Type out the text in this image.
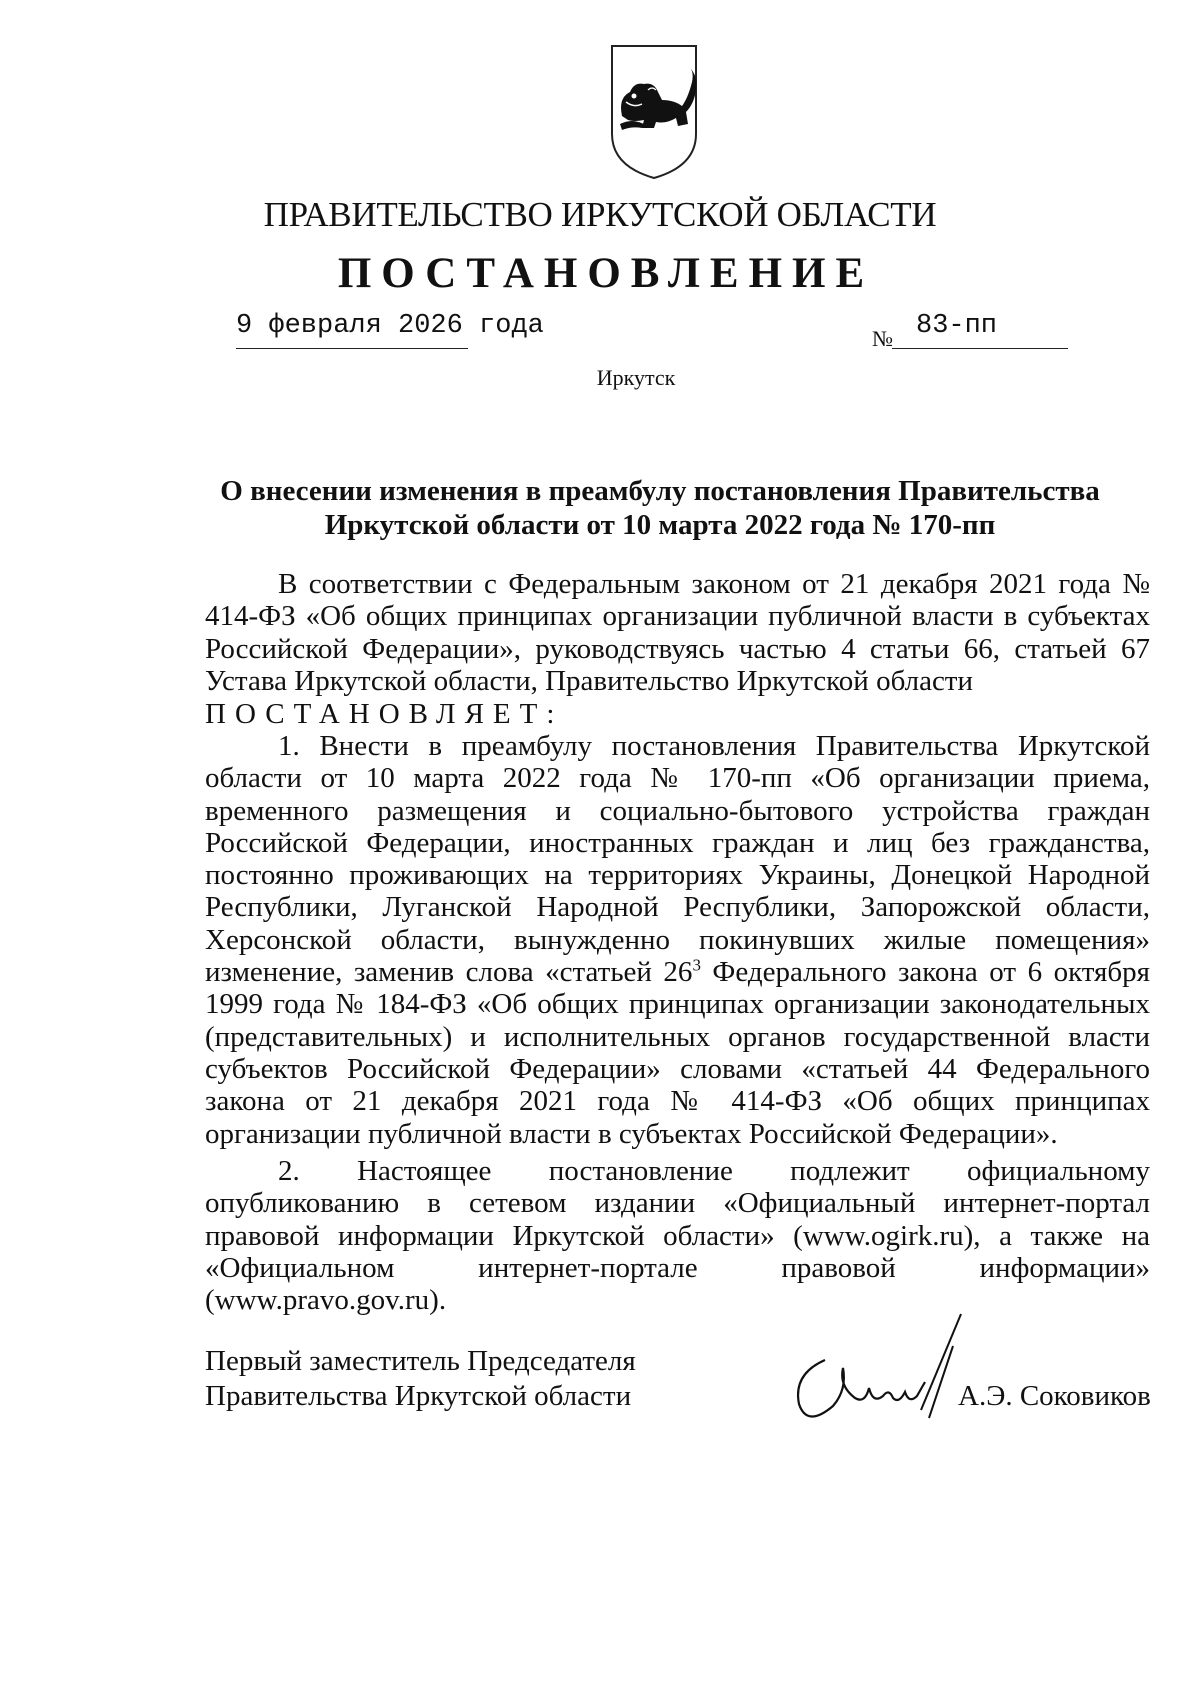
ПРАВИТЕЛЬСТВО ИРКУТСКОЙ ОБЛАСТИ
ПОСТАНОВЛЕНИЕ
9 февраля 2026 года	№ 83-пп
Иркутск
О внесении изменения в преамбулу постановления Правительства
Иркутской области от 10 марта 2022 года № 170-пп

В соответствии с Федеральным законом от 21 декабря 2021 года № 414-ФЗ «Об общих принципах организации публичной власти в субъектах Российской Федерации», руководствуясь частью 4 статьи 66, статьей 67 Устава Иркутской области, Правительство Иркутской области

ПОСТАНОВЛЯЕТ:

1. Внести в преамбулу постановления Правительства Иркутской области от 10 марта 2022 года № 170-пп «Об организации приема, временного размещения и социально-бытового устройства граждан Российской Федерации, иностранных граждан и лиц без гражданства, постоянно проживающих на территориях Украины, Донецкой Народной Республики, Луганской Народной Республики, Запорожской области, Херсонской области, вынужденно покинувших жилые помещения» изменение, заменив слова «статьей $26^3$ Федерального закона от 6 октября 1999 года № 184-ФЗ «Об общих принципах организации законодательных (представительных) и исполнительных органов государственной власти субъектов Российской Федерации» словами «статьей 44 Федерального закона от 21 декабря 2021 года № 414-ФЗ «Об общих принципах организации публичной власти в субъектах Российской Федерации».

2. Настоящее постановление подлежит официальному опубликованию в сетевом издании «Официальный интернет-портал правовой информации Иркутской области» (www.ogirk.ru), а также на «Официальном интернет-портале правовой информации» (www.pravo.gov.ru).

Первый заместитель Председателя
Правительства Иркутской области	А.Э. Соковиков
